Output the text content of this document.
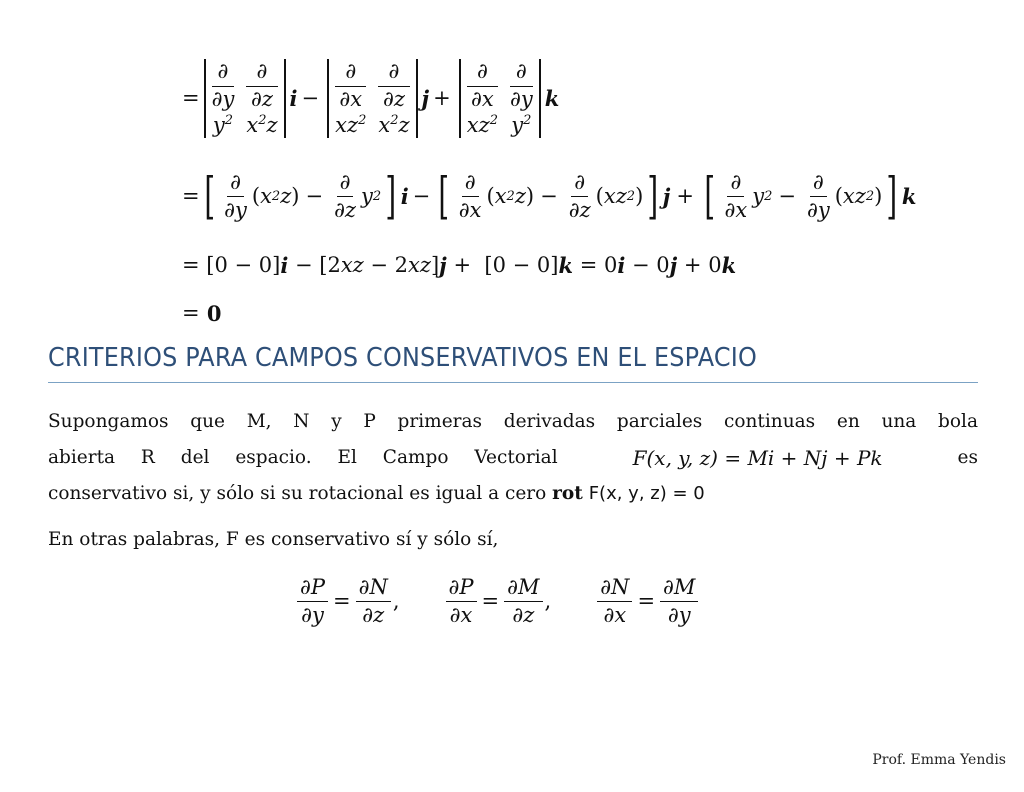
=
∂	∂
∂y ∂z
$y^2$ $x^2z$
i −
∂	∂
∂x ∂z
$xz^2$ $x^2z$
j +
∂	∂
∂x ∂y
$xz^2$ $y^2$
k
= [ $\frac{\partial}{\partial y}$ ( x 2 z ) − $\frac{\partial}{\partial z}$ y 2 ] i − [ $\frac{\partial}{\partial x}$ ( x 2 z ) − $\frac{\partial}{\partial z}$ ( xz 2 ) ] j + [ $\frac{\partial}{\partial x}$ y $2 - \frac{\partial}{\partial y}$ ( xz 2 ) ] k
= [0 − 0] i − [2 xz − 2 xz ] j +  [0 − 0] k = 0 i − 0 j + 0 k
= 0
CRITERIOS PARA CAMPOS CONSERVATIVOS EN EL ESPACIO
Supongamos que M, N y P primeras derivadas parciales continuas en una bola
abierta R del espacio. El Campo Vectorial	F(x, y, z) = Mi + Nj + Pk	es
conservativo si, y sólo si su rotacional es igual a cero rot F(x, y, z) = 0
En otras palabras, F es conservativo sí y sólo sí,
$\frac{\partial P}{\partial y} = \frac{\partial N}{\partial z}$ , $\frac{\partial P}{\partial x} = \frac{\partial M}{\partial z}$ , $\frac{\partial N}{\partial x} = \frac{\partial M}{\partial y}$
Prof. Emma Yendis
